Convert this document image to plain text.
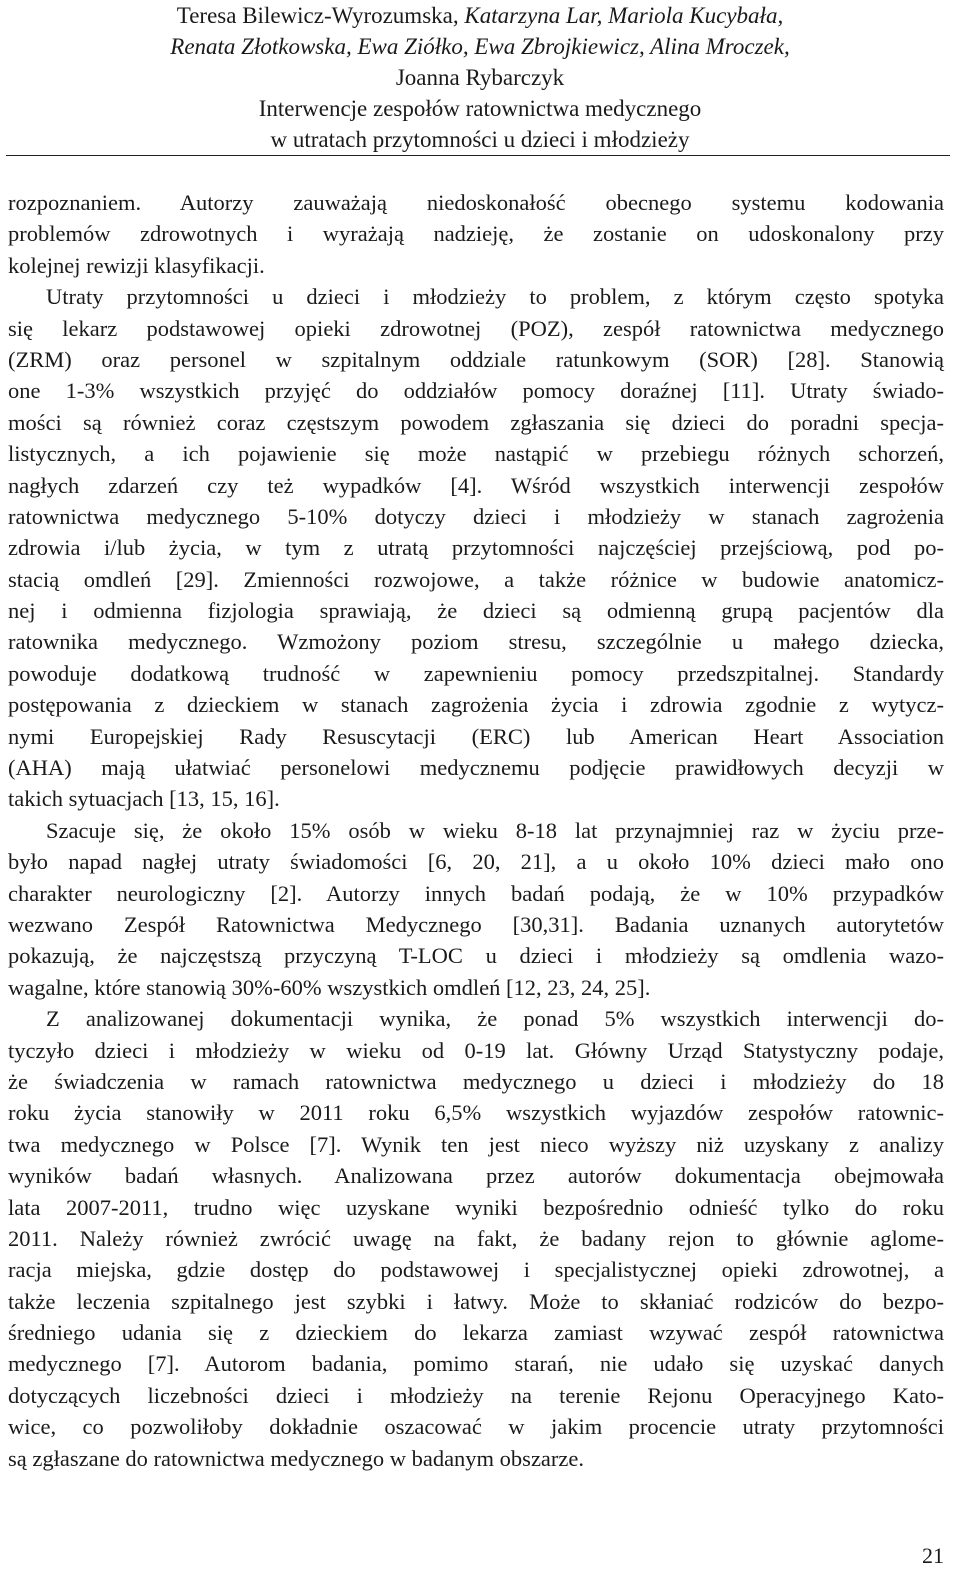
Teresa Bilewicz-Wyrozumska, Katarzyna Lar, Mariola Kucybała,
Renata Złotkowska, Ewa Ziółko, Ewa Zbrojkiewicz, Alina Mroczek,
Joanna Rybarczyk
Interwencje zespołów ratownictwa medycznego
w utratach przytomności u dzieci i młodzieży
rozpoznaniem. Autorzy zauważają niedoskonałość obecnego systemu kodowania
problemów zdrowotnych i wyrażają nadzieję, że zostanie on udoskonalony przy
kolejnej rewizji klasyfikacji.
Utraty przytomności u dzieci i młodzieży to problem, z którym często spotyka
się lekarz podstawowej opieki zdrowotnej (POZ), zespół ratownictwa medycznego
(ZRM) oraz personel w szpitalnym oddziale ratunkowym (SOR) [28]. Stanowią
one 1-3% wszystkich przyjęć do oddziałów pomocy doraźnej [11]. Utraty świado-
mości są również coraz częstszym powodem zgłaszania się dzieci do poradni specja-
listycznych, a ich pojawienie się może nastąpić w przebiegu różnych schorzeń,
nagłych zdarzeń czy też wypadków [4]. Wśród wszystkich interwencji zespołów
ratownictwa medycznego 5-10% dotyczy dzieci i młodzieży w stanach zagrożenia
zdrowia i/lub życia, w tym z utratą przytomności najczęściej przejściową, pod po-
stacią omdleń [29]. Zmienności rozwojowe, a także różnice w budowie anatomicz-
nej i odmienna fizjologia sprawiają, że dzieci są odmienną grupą pacjentów dla
ratownika medycznego. Wzmożony poziom stresu, szczególnie u małego dziecka,
powoduje dodatkową trudność w zapewnieniu pomocy przedszpitalnej. Standardy
postępowania z dzieckiem w stanach zagrożenia życia i zdrowia zgodnie z wytycz-
nymi Europejskiej Rady Resuscytacji (ERC) lub American Heart Association
(AHA) mają ułatwiać personelowi medycznemu podjęcie prawidłowych decyzji w
takich sytuacjach [13, 15, 16].
Szacuje się, że około 15% osób w wieku 8-18 lat przynajmniej raz w życiu prze-
było napad nagłej utraty świadomości [6, 20, 21], a u około 10% dzieci mało ono
charakter neurologiczny [2]. Autorzy innych badań podają, że w 10% przypadków
wezwano Zespół Ratownictwa Medycznego [30,31]. Badania uznanych autorytetów
pokazują, że najczęstszą przyczyną T-LOC u dzieci i młodzieży są omdlenia wazo-
wagalne, które stanowią 30%-60% wszystkich omdleń [12, 23, 24, 25].
Z analizowanej dokumentacji wynika, że ponad 5% wszystkich interwencji do-
tyczyło dzieci i młodzieży w wieku od 0-19 lat. Główny Urząd Statystyczny podaje,
że świadczenia w ramach ratownictwa medycznego u dzieci i młodzieży do 18
roku życia stanowiły w 2011 roku 6,5% wszystkich wyjazdów zespołów ratownic-
twa medycznego w Polsce [7]. Wynik ten jest nieco wyższy niż uzyskany z analizy
wyników badań własnych. Analizowana przez autorów dokumentacja obejmowała
lata 2007-2011, trudno więc uzyskane wyniki bezpośrednio odnieść tylko do roku
2011. Należy również zwrócić uwagę na fakt, że badany rejon to głównie aglome-
racja miejska, gdzie dostęp do podstawowej i specjalistycznej opieki zdrowotnej, a
także leczenia szpitalnego jest szybki i łatwy. Może to skłaniać rodziców do bezpo-
średniego udania się z dzieckiem do lekarza zamiast wzywać zespół ratownictwa
medycznego [7]. Autorom badania, pomimo starań, nie udało się uzyskać danych
dotyczących liczebności dzieci i młodzieży na terenie Rejonu Operacyjnego Kato-
wice, co pozwoliłoby dokładnie oszacować w jakim procencie utraty przytomności
są zgłaszane do ratownictwa medycznego w badanym obszarze.
21
